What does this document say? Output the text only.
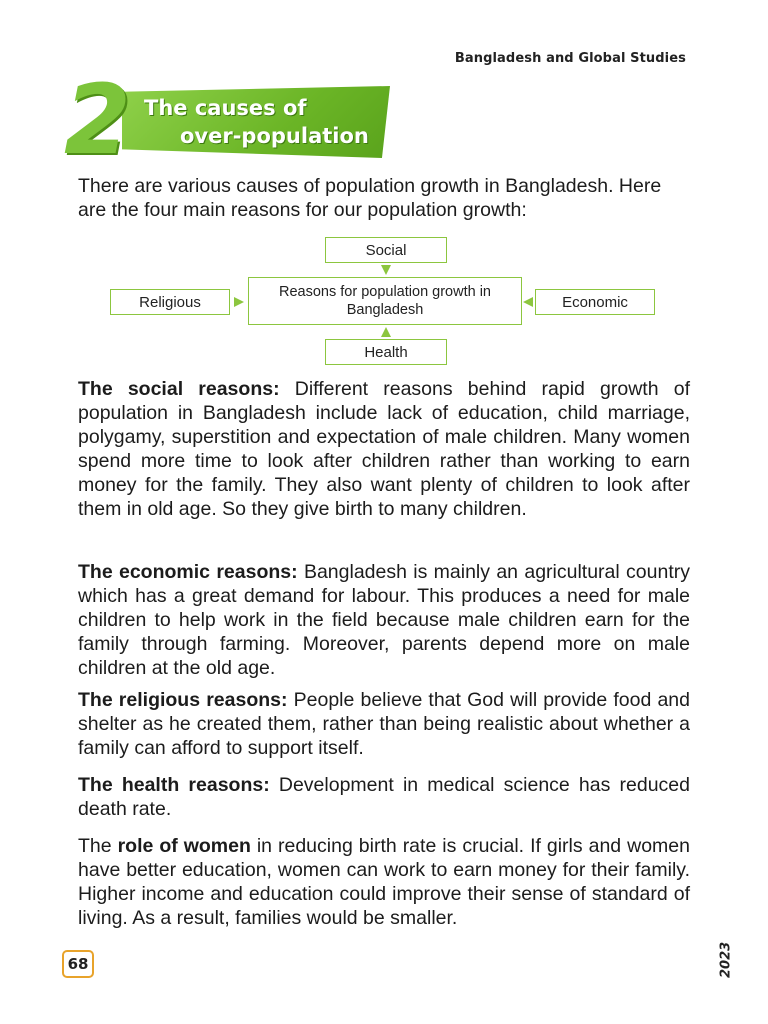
Bangladesh and Global Studies
2 The causes of
over-population

There are various causes of population growth in Bangladesh. Here are the four main reasons for our population growth:

Social
Reasons for population growth in Bangladesh
Religious	Economic
Health

The social reasons: Different reasons behind rapid growth of population in Bangladesh include lack of education, child marriage, polygamy, superstition and expectation of male children. Many women spend more time to look after children rather than working to earn money for the family. They also want plenty of children to look after them in old age. So they give birth to many children.

The economic reasons: Bangladesh is mainly an agricultural country which has a great demand for labour. This produces a need for male children to help work in the field because male children earn for the family through farming. Moreover, parents depend more on male children at the old age.

The religious reasons: People believe that God will provide food and shelter as he created them, rather than being realistic about whether a family can afford to support itself.

The health reasons: Development in medical science has reduced death rate.

The role of women in reducing birth rate is crucial. If girls and women have better education, women can work to earn money for their family. Higher income and education could improve their sense of standard of living. As a result, families would be smaller.

68	2023
